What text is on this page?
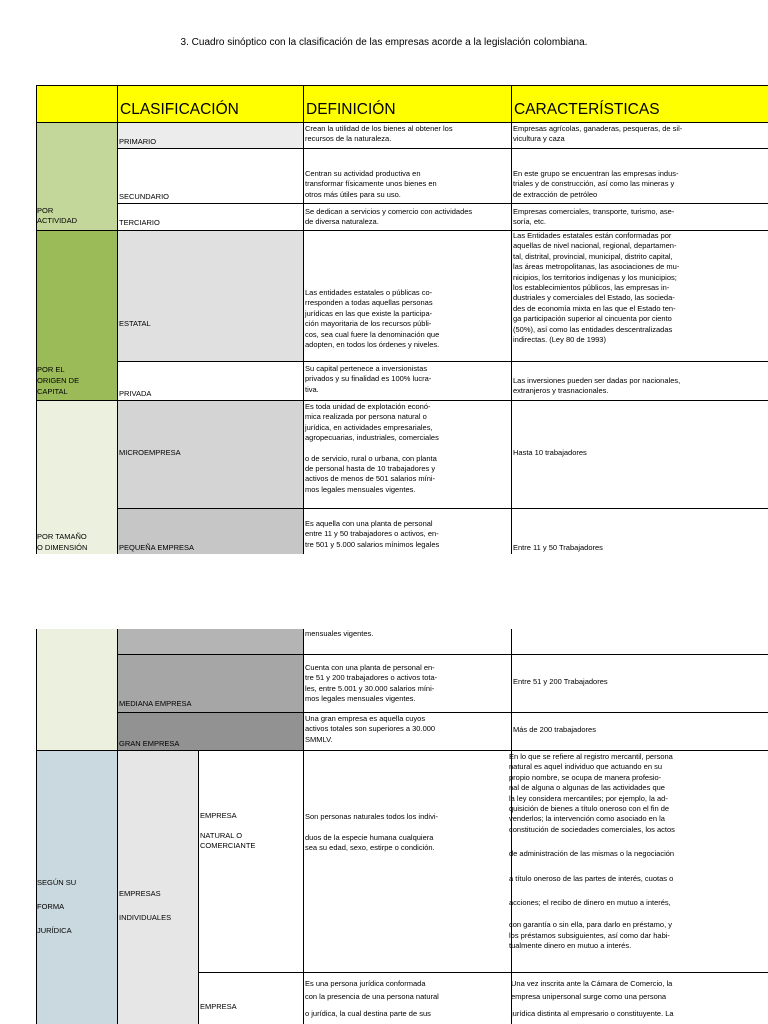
3. Cuadro sinóptico con la clasificación de las empresas acorde a la legislación colombiana.
CLASIFICACIÓN	DEFINICIÓN	CARACTERÍSTICAS
POR
ACTIVIDAD
POR EL
ORIGEN DE
CAPITAL
POR TAMAÑO
O DIMENSIÓN
SEGÚN SU
FORMA
JURÍDICA
PRIMARIO
SECUNDARIO
TERCIARIO
ESTATAL
PRIVADA
MICROEMPRESA
PEQUEÑA EMPRESA
MEDIANA EMPRESA
GRAN EMPRESA
EMPRESAS
INDIVIDUALES
EMPRESA
NATURAL O
COMERCIANTE
EMPRESA
Crean la utilidad de los bienes al obtener los
recursos de la naturaleza.
Centran su actividad productiva en
transformar físicamente unos bienes en
otros más útiles para su uso.
Se dedican a servicios y comercio con actividades
de diversa naturaleza.
Las entidades estatales o públicas co-
rresponden a todas aquellas personas
jurídicas en las que existe la participa-
ción mayoritaria de los recursos públi-
cos, sea cual fuere la denominación que
adopten, en todos los órdenes y niveles.
Su capital pertenece a inversionistas
privados y su finalidad es 100% lucra-
tiva.
Es toda unidad de explotación econó-
mica realizada por persona natural o
jurídica, en actividades empresariales,
agropecuarias, industriales, comerciales
o de servicio, rural o urbana, con planta
de personal hasta de 10 trabajadores y
activos de menos de 501 salarios míni-
mos legales mensuales vigentes.
Es aquella con una planta de personal
entre 11 y 50 trabajadores o activos, en-
tre 501 y 5.000 salarios mínimos legales
mensuales vigentes.
Cuenta con una planta de personal en-
tre 51 y 200 trabajadores o activos tota-
les, entre 5.001 y 30.000 salarios míni-
mos legales mensuales vigentes.
Una gran empresa es aquella cuyos
activos totales son superiores a 30.000
SMMLV.
Son personas naturales todos los indivi-
duos de la especie humana cualquiera
sea su edad, sexo, estirpe o condición.
Es una persona jurídica conformada
con la presencia de una persona natural
o jurídica, la cual destina parte de sus
Empresas agrícolas, ganaderas, pesqueras, de sil-
vicultura y caza
En este grupo se encuentran las empresas indus-
triales y de construcción, así como las mineras y
de extracción de petróleo
Empresas comerciales, transporte, turismo, ase-
soría, etc.
Las Entidades estatales están conformadas por
aquellas de nivel nacional, regional, departamen-
tal, distrital, provincial, municipal, distrito capital,
las áreas metropolitanas, las asociaciones de mu-
nicipios, los territorios indígenas y los municipios;
los establecimientos públicos, las empresas in-
dustriales y comerciales del Estado, las socieda-
des de economía mixta en las que el Estado ten-
ga participación superior al cincuenta por ciento
(50%), así como las entidades descentralizadas
indirectas. (Ley 80 de 1993)
Las inversiones pueden ser dadas por nacionales,
extranjeros y trasnacionales.
Hasta 10 trabajadores
Entre 11 y 50 Trabajadores
Entre 51 y 200 Trabajadores
Más de 200 trabajadores
En lo que se refiere al registro mercantil, persona
natural es aquel individuo que actuando en su
propio nombre, se ocupa de manera profesio-
nal de alguna o algunas de las actividades que
la ley considera mercantiles; por ejemplo, la ad-
quisición de bienes a título oneroso con el fin de
venderlos; la intervención como asociado en la
constitución de sociedades comerciales, los actos
de administración de las mismas o la negociación
a título oneroso de las partes de interés, cuotas o
acciones; el recibo de dinero en mutuo a interés,
con garantía o sin ella, para darlo en préstamo, y
los préstamos subsiguientes, así como dar habi-
tualmente dinero en mutuo a interés.
Una vez inscrita ante la Cámara de Comercio, la
empresa unipersonal surge como una persona
jurídica distinta al empresario o constituyente. La
